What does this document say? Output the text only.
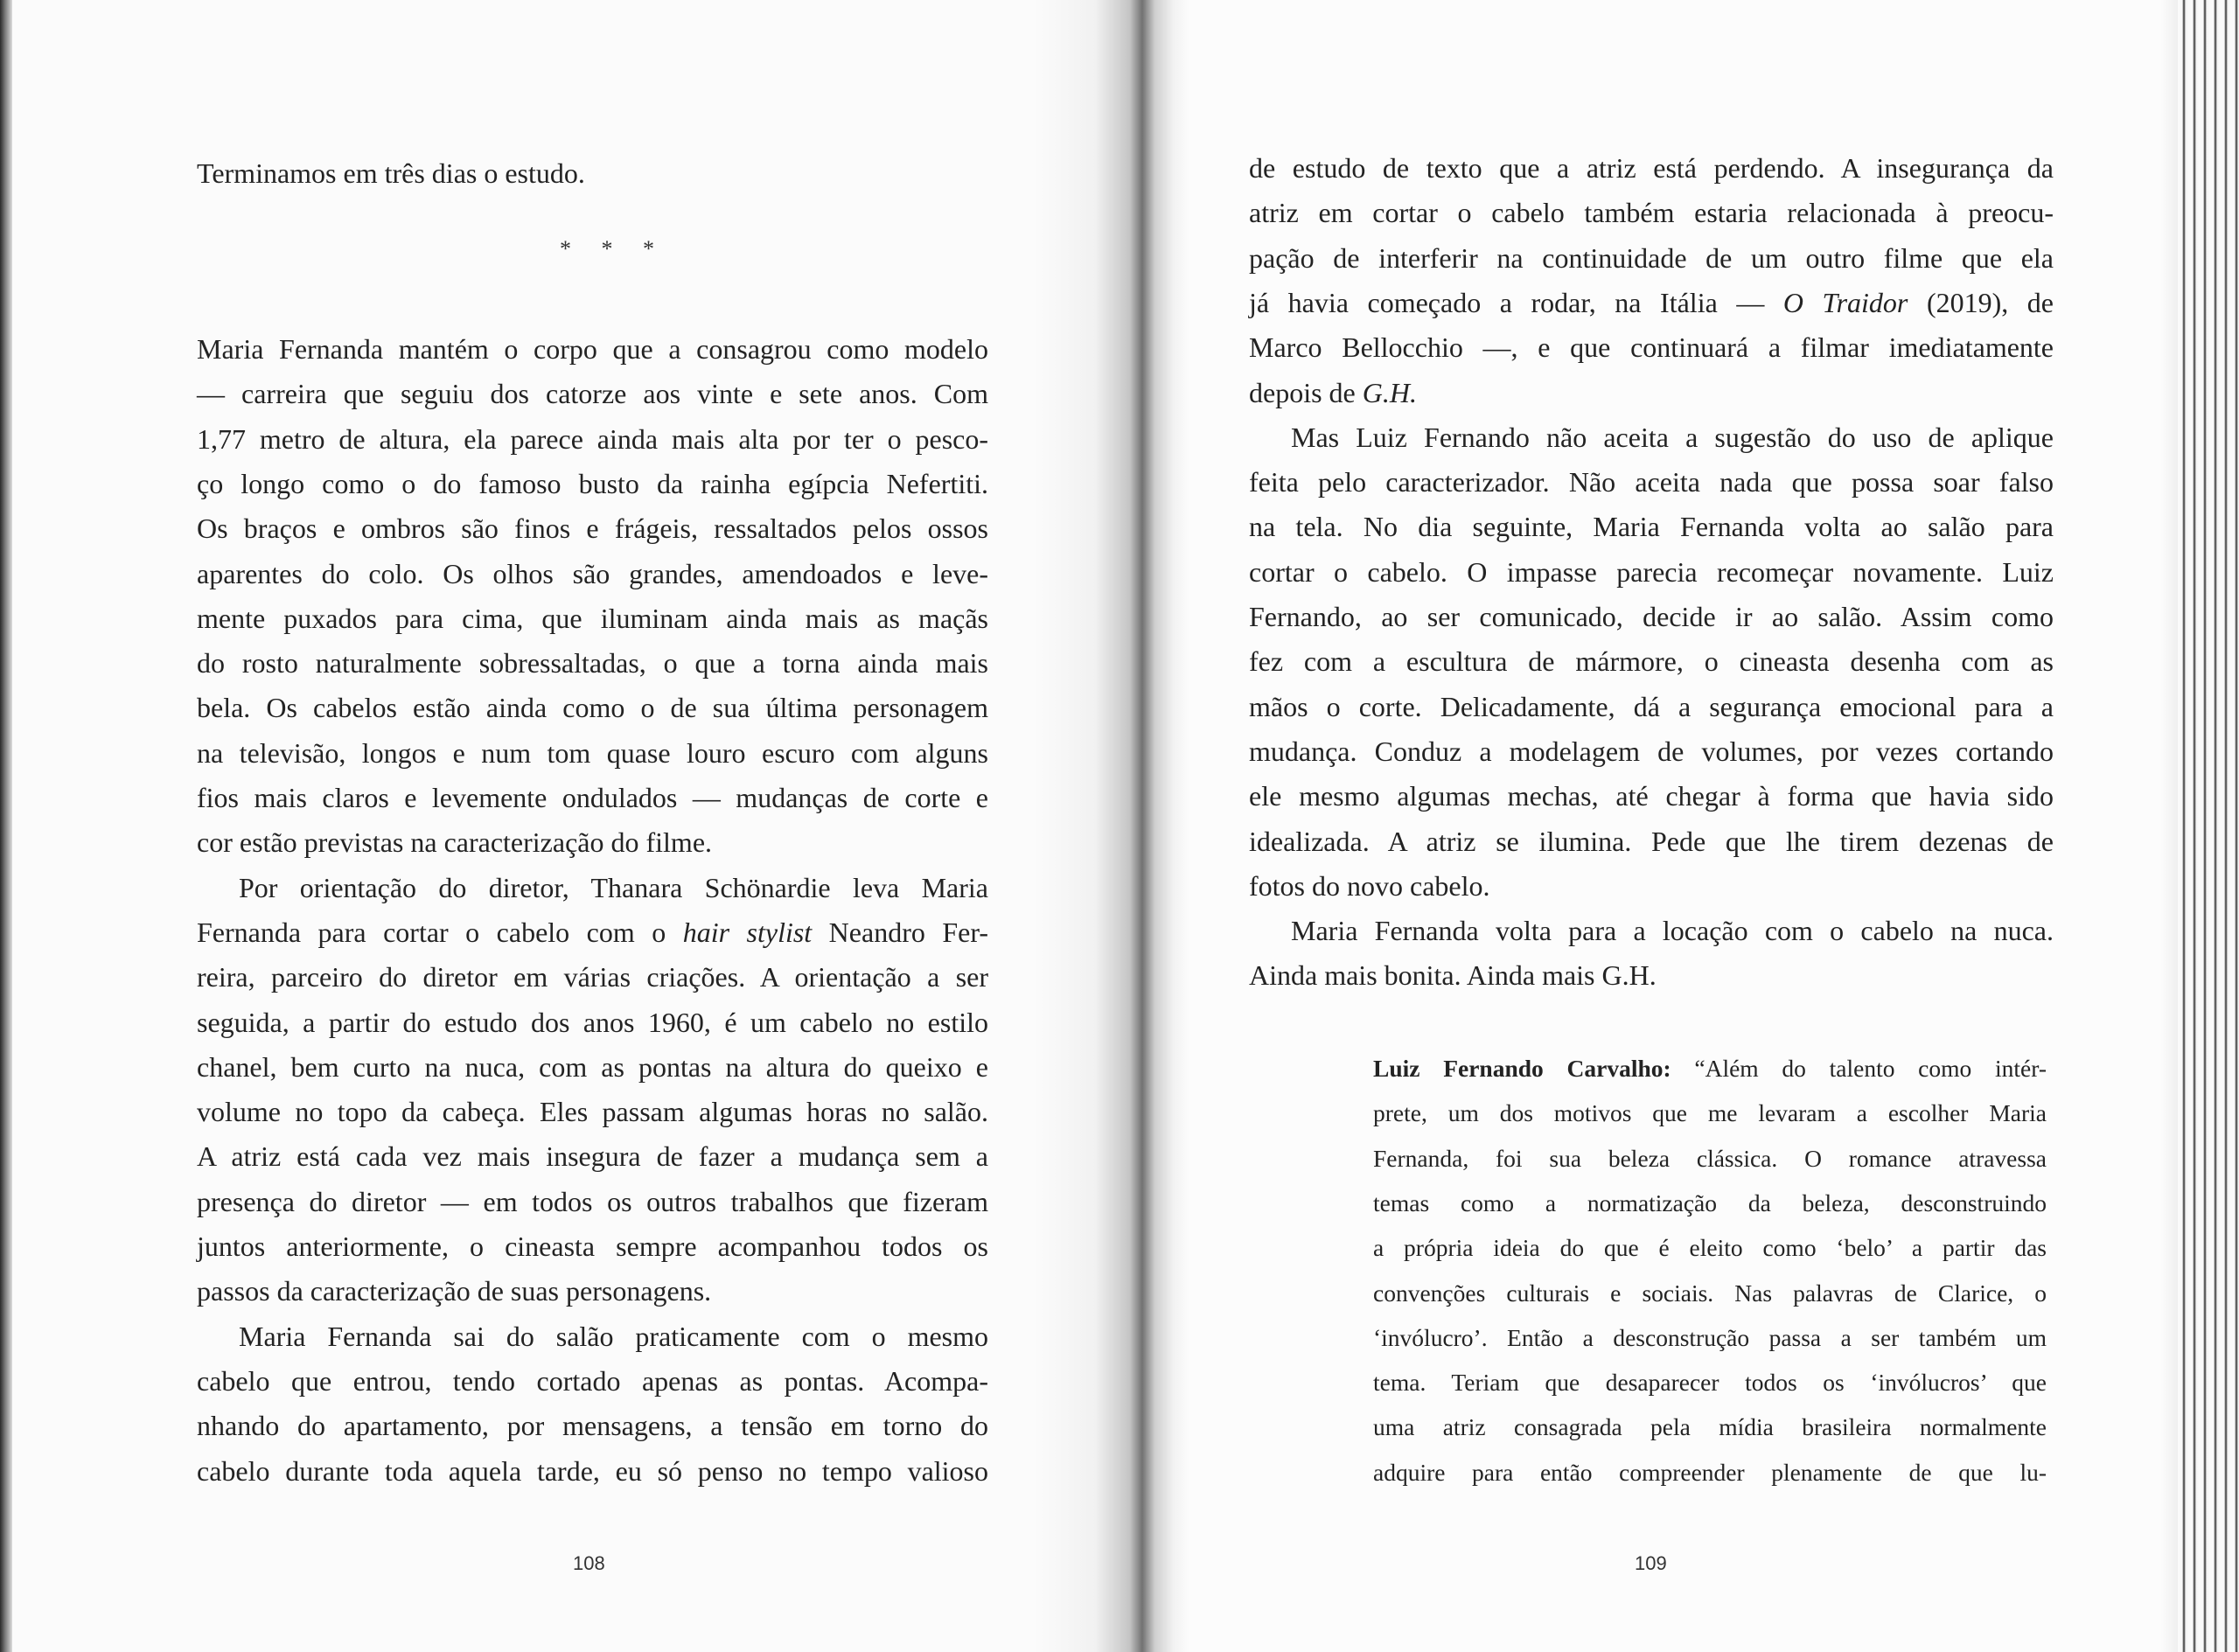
Terminamos em três dias o estudo.
* * *
Maria Fernanda mantém o corpo que a consagrou como modelo
— carreira que seguiu dos catorze aos vinte e sete anos. Com
1,77 metro de altura, ela parece ainda mais alta por ter o pesco-
ço longo como o do famoso busto da rainha egípcia Nefertiti.
Os braços e ombros são finos e frágeis, ressaltados pelos ossos
aparentes do colo. Os olhos são grandes, amendoados e leve-
mente puxados para cima, que iluminam ainda mais as maçãs
do rosto naturalmente sobressaltadas, o que a torna ainda mais
bela. Os cabelos estão ainda como o de sua última personagem
na televisão, longos e num tom quase louro escuro com alguns
fios mais claros e levemente ondulados — mudanças de corte e
cor estão previstas na caracterização do filme.
Por orientação do diretor, Thanara Schönardie leva Maria
Fernanda para cortar o cabelo com o hair stylist Neandro Fer-
reira, parceiro do diretor em várias criações. A orientação a ser
seguida, a partir do estudo dos anos 1960, é um cabelo no estilo
chanel, bem curto na nuca, com as pontas na altura do queixo e
volume no topo da cabeça. Eles passam algumas horas no salão.
A atriz está cada vez mais insegura de fazer a mudança sem a
presença do diretor — em todos os outros trabalhos que fizeram
juntos anteriormente, o cineasta sempre acompanhou todos os
passos da caracterização de suas personagens.
Maria Fernanda sai do salão praticamente com o mesmo
cabelo que entrou, tendo cortado apenas as pontas. Acompa-
nhando do apartamento, por mensagens, a tensão em torno do
cabelo durante toda aquela tarde, eu só penso no tempo valioso
108
de estudo de texto que a atriz está perdendo. A insegurança da
atriz em cortar o cabelo também estaria relacionada à preocu-
pação de interferir na continuidade de um outro filme que ela
já havia começado a rodar, na Itália — O Traidor (2019), de
Marco Bellocchio —, e que continuará a filmar imediatamente
depois de G.H.
Mas Luiz Fernando não aceita a sugestão do uso de aplique
feita pelo caracterizador. Não aceita nada que possa soar falso
na tela. No dia seguinte, Maria Fernanda volta ao salão para
cortar o cabelo. O impasse parecia recomeçar novamente. Luiz
Fernando, ao ser comunicado, decide ir ao salão. Assim como
fez com a escultura de mármore, o cineasta desenha com as
mãos o corte. Delicadamente, dá a segurança emocional para a
mudança. Conduz a modelagem de volumes, por vezes cortando
ele mesmo algumas mechas, até chegar à forma que havia sido
idealizada. A atriz se ilumina. Pede que lhe tirem dezenas de
fotos do novo cabelo.
Maria Fernanda volta para a locação com o cabelo na nuca.
Ainda mais bonita. Ainda mais G.H.
Luiz Fernando Carvalho: “Além do talento como intér-
prete, um dos motivos que me levaram a escolher Maria
Fernanda, foi sua beleza clássica. O romance atravessa
temas como a normatização da beleza, desconstruindo
a própria ideia do que é eleito como ‘belo’ a partir das
convenções culturais e sociais. Nas palavras de Clarice, o
‘invólucro’. Então a desconstrução passa a ser também um
tema. Teriam que desaparecer todos os ‘invólucros’ que
uma atriz consagrada pela mídia brasileira normalmente
adquire para então compreender plenamente de que lu-
109
